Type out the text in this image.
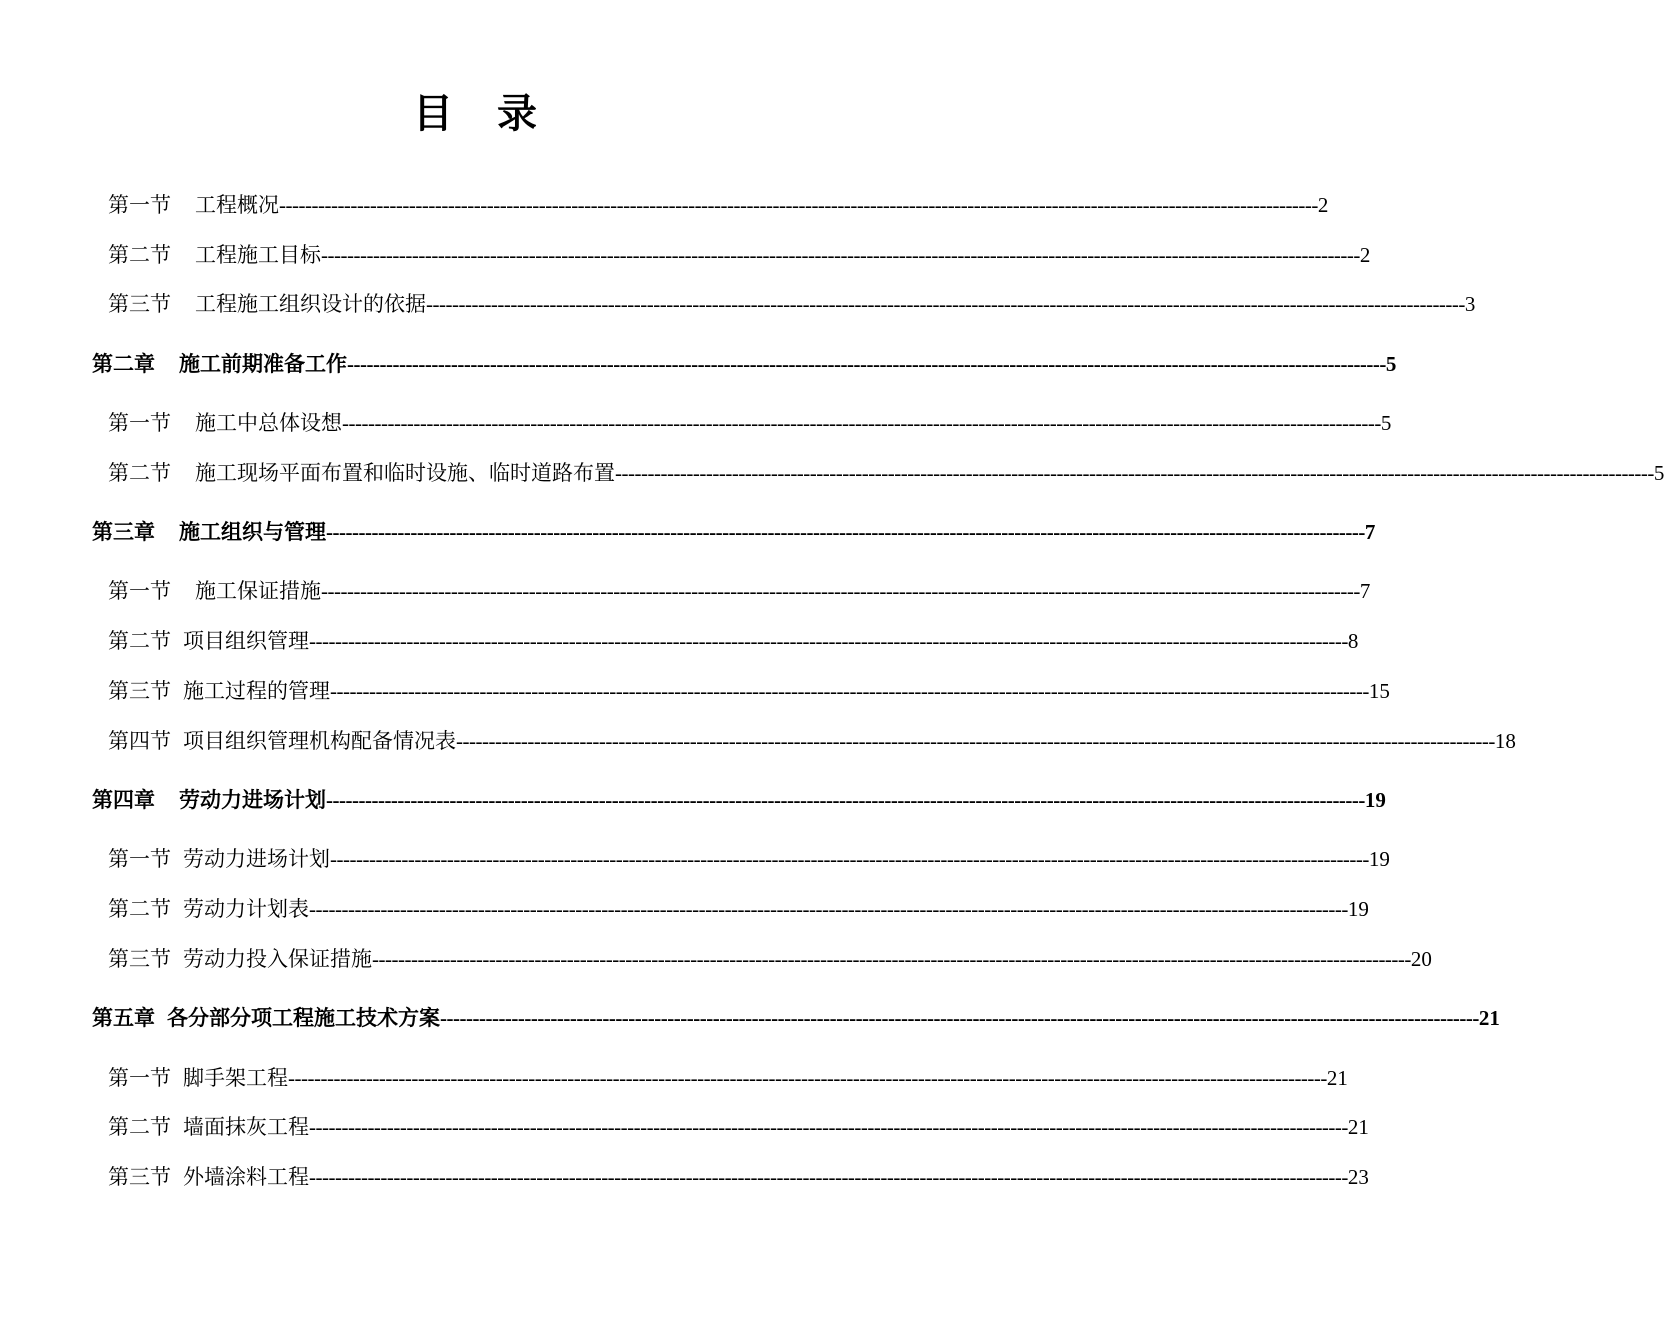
目 录
第一节 工程概况 ---------------------------------------------------------------------------------------------------------------------------------------------------------------- 2
第二节 工程施工目标 ---------------------------------------------------------------------------------------------------------------------------------------------------------------- 2
第三节 工程施工组织设计的依据 ---------------------------------------------------------------------------------------------------------------------------------------------------------------- 3
第二章 施工前期准备工作 ---------------------------------------------------------------------------------------------------------------------------------------------------------------- 5
第一节 施工中总体设想 ---------------------------------------------------------------------------------------------------------------------------------------------------------------- 5
第二节 施工现场平面布置和临时设施、临时道路布置 ---------------------------------------------------------------------------------------------------------------------------------------------------------------- 5
第三章 施工组织与管理 ---------------------------------------------------------------------------------------------------------------------------------------------------------------- 7
第一节 施工保证措施 ---------------------------------------------------------------------------------------------------------------------------------------------------------------- 7
第二节 项目组织管理 ---------------------------------------------------------------------------------------------------------------------------------------------------------------- 8
第三节 施工过程的管理 ---------------------------------------------------------------------------------------------------------------------------------------------------------------- 15
第四节 项目组织管理机构配备情况表 ---------------------------------------------------------------------------------------------------------------------------------------------------------------- 18
第四章 劳动力进场计划 ---------------------------------------------------------------------------------------------------------------------------------------------------------------- 19
第一节 劳动力进场计划 ---------------------------------------------------------------------------------------------------------------------------------------------------------------- 19
第二节 劳动力计划表 ---------------------------------------------------------------------------------------------------------------------------------------------------------------- 19
第三节 劳动力投入保证措施 ---------------------------------------------------------------------------------------------------------------------------------------------------------------- 20
第五章 各分部分项工程施工技术方案 ---------------------------------------------------------------------------------------------------------------------------------------------------------------- 21
第一节 脚手架工程 ---------------------------------------------------------------------------------------------------------------------------------------------------------------- 21
第二节 墙面抹灰工程 ---------------------------------------------------------------------------------------------------------------------------------------------------------------- 21
第三节 外墙涂料工程 ---------------------------------------------------------------------------------------------------------------------------------------------------------------- 23
